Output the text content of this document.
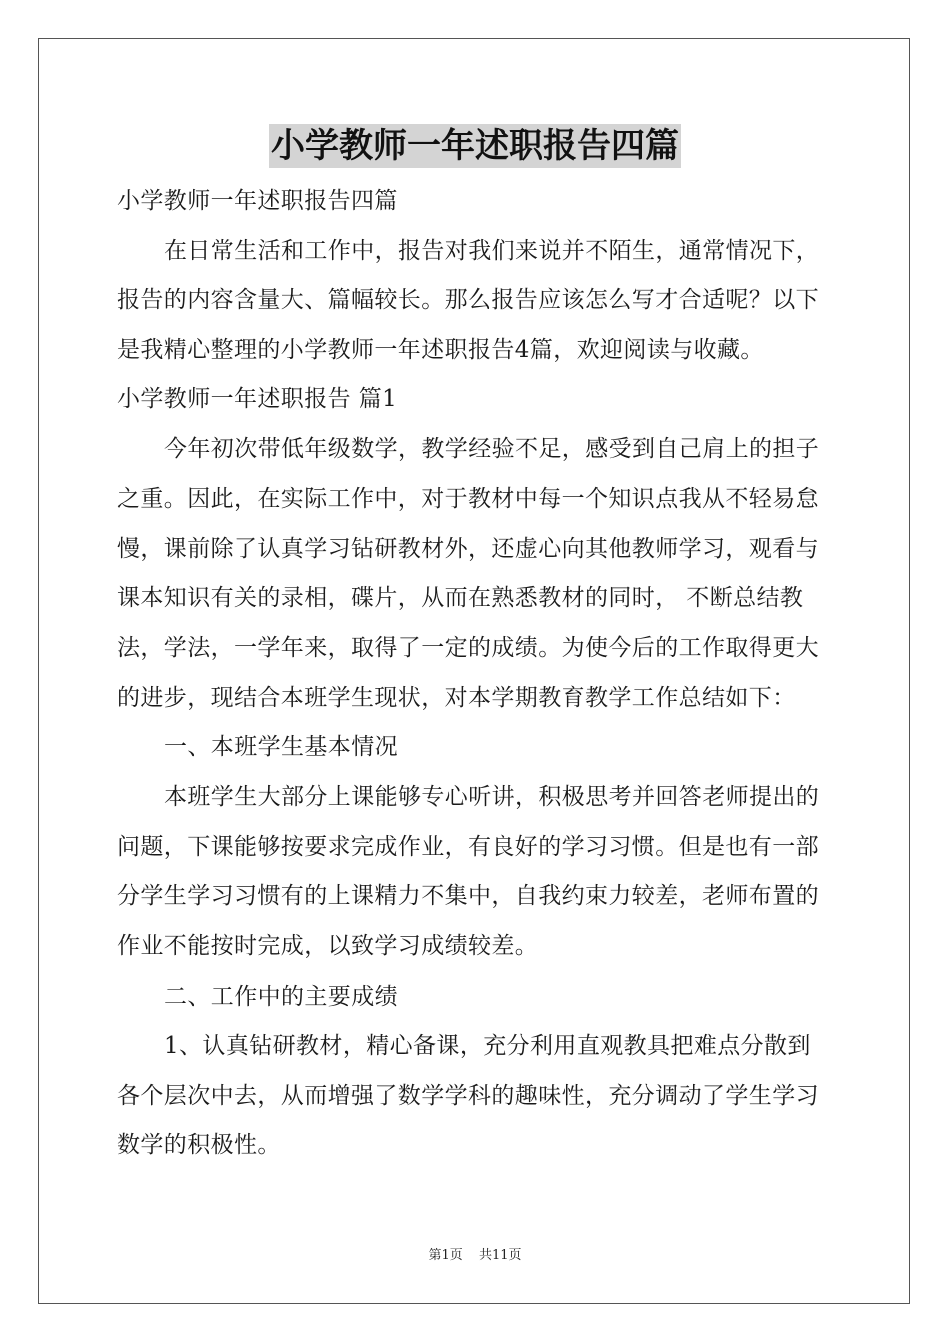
小学教师一年述职报告四篇
小学教师一年述职报告四篇
在日常生活和工作中，报告对我们来说并不陌生，通常情况下，
报告的内容含量大、篇幅较长。那么报告应该怎么写才合适呢？以下
是我精心整理的小学教师一年述职报告4篇，欢迎阅读与收藏。
小学教师一年述职报告 篇1
今年初次带低年级数学，教学经验不足，感受到自己肩上的担子
之重。因此，在实际工作中，对于教材中每一个知识点我从不轻易怠
慢，课前除了认真学习钻研教材外，还虚心向其他教师学习，观看与
课本知识有关的录相，碟片，从而在熟悉教材的同时， 不断总结教
法，学法，一学年来，取得了一定的成绩。为使今后的工作取得更大
的进步，现结合本班学生现状，对本学期教育教学工作总结如下：
一、本班学生基本情况
本班学生大部分上课能够专心听讲，积极思考并回答老师提出的
问题，下课能够按要求完成作业，有良好的学习习惯。但是也有一部
分学生学习习惯有的上课精力不集中，自我约束力较差，老师布置的
作业不能按时完成，以致学习成绩较差。
二、工作中的主要成绩
1、认真钻研教材，精心备课，充分利用直观教具把难点分散到
各个层次中去，从而增强了数学学科的趣味性，充分调动了学生学习
数学的积极性。
第1页 共11页
